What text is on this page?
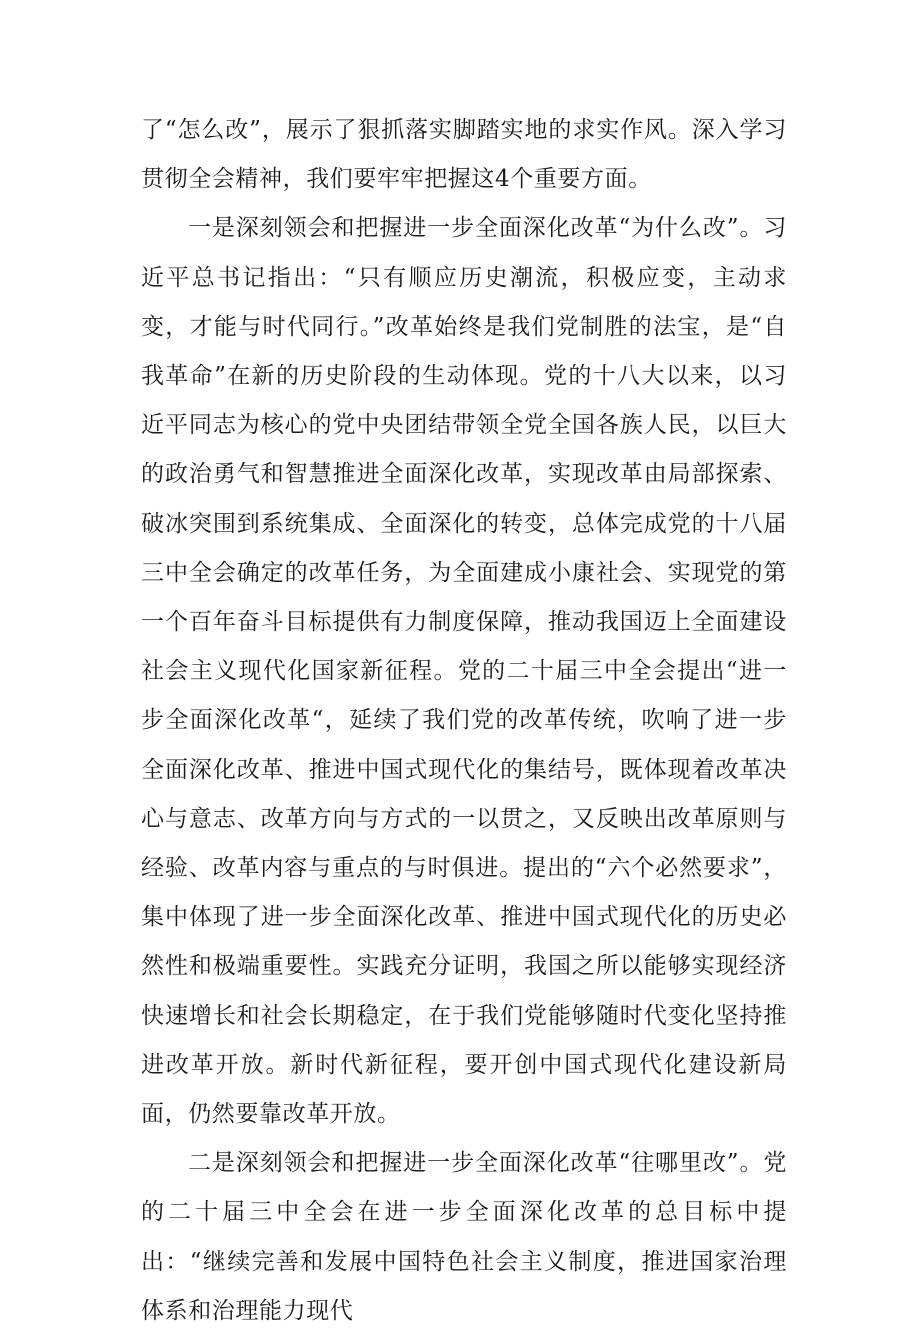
了“怎么改”，展示了狠抓落实脚踏实地的求实作风。深入学习贯彻全会精神，我们要牢牢把握这4个重要方面。

一是深刻领会和把握进一步全面深化改革“为什么改”。习近平总书记指出：“只有顺应历史潮流，积极应变，主动求变，才能与时代同行。”改革始终是我们党制胜的法宝，是“自我革命”在新的历史阶段的生动体现。党的十八大以来，以习近平同志为核心的党中央团结带领全党全国各族人民，以巨大的政治勇气和智慧推进全面深化改革，实现改革由局部探索、破冰突围到系统集成、全面深化的转变，总体完成党的十八届三中全会确定的改革任务，为全面建成小康社会、实现党的第一个百年奋斗目标提供有力制度保障，推动我国迈上全面建设社会主义现代化国家新征程。党的二十届三中全会提出“进一步全面深化改革“，延续了我们党的改革传统，吹响了进一步全面深化改革、推进中国式现代化的集结号，既体现着改革决心与意志、改革方向与方式的一以贯之，又反映出改革原则与经验、改革内容与重点的与时俱进。提出的“六个必然要求”，集中体现了进一步全面深化改革、推进中国式现代化的历史必然性和极端重要性。实践充分证明，我国之所以能够实现经济快速增长和社会长期稳定，在于我们党能够随时代变化坚持推进改革开放。新时代新征程，要开创中国式现代化建设新局面，仍然要靠改革开放。

二是深刻领会和把握进一步全面深化改革“往哪里改”。党的二十届三中全会在进一步全面深化改革的总目标中提出：“继续完善和发展中国特色社会主义制度，推进国家治理体系和治理能力现代
